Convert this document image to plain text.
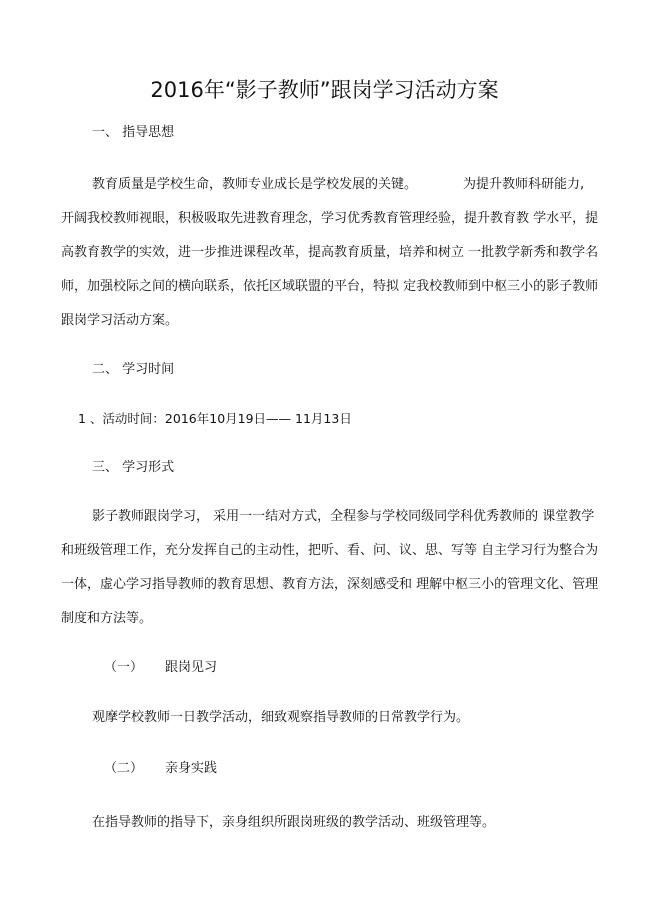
2016年“影子教师”跟岗学习活动方案
一、 指导思想
教育质量是学校生命，教师专业成长是学校发展的关键。	为提升教师科研能力,
开阔我校教师视眼，积极吸取先进教育理念，学习优秀教育管理经验，提升教育教 学水平，提
高教育教学的实效，进一步推进课程改革，提高教育质量，培养和树立 一批教学新秀和教学名
师，加强校际之间的横向联系，依托区域联盟的平台，特拟 定我校教师到中枢三小的影子教师
跟岗学习活动方案。
二、 学习时间
1 、活动时间：2016年10月19日—— 11月13日
三、 学习形式
影子教师跟岗学习， 采用一一结对方式，全程参与学校同级同学科优秀教师的 课堂教学
和班级管理工作，充分发挥自己的主动性，把听、看、问、议、思、写等 自主学习行为整合为
一体，虚心学习指导教师的教育思想、教育方法，深刻感受和 理解中枢三小的管理文化、管理
制度和方法等。
（一） 跟岗见习
观摩学校教师一日教学活动，细致观察指导教师的日常教学行为。
（二） 亲身实践
在指导教师的指导下，亲身组织所跟岗班级的教学活动、班级管理等。
